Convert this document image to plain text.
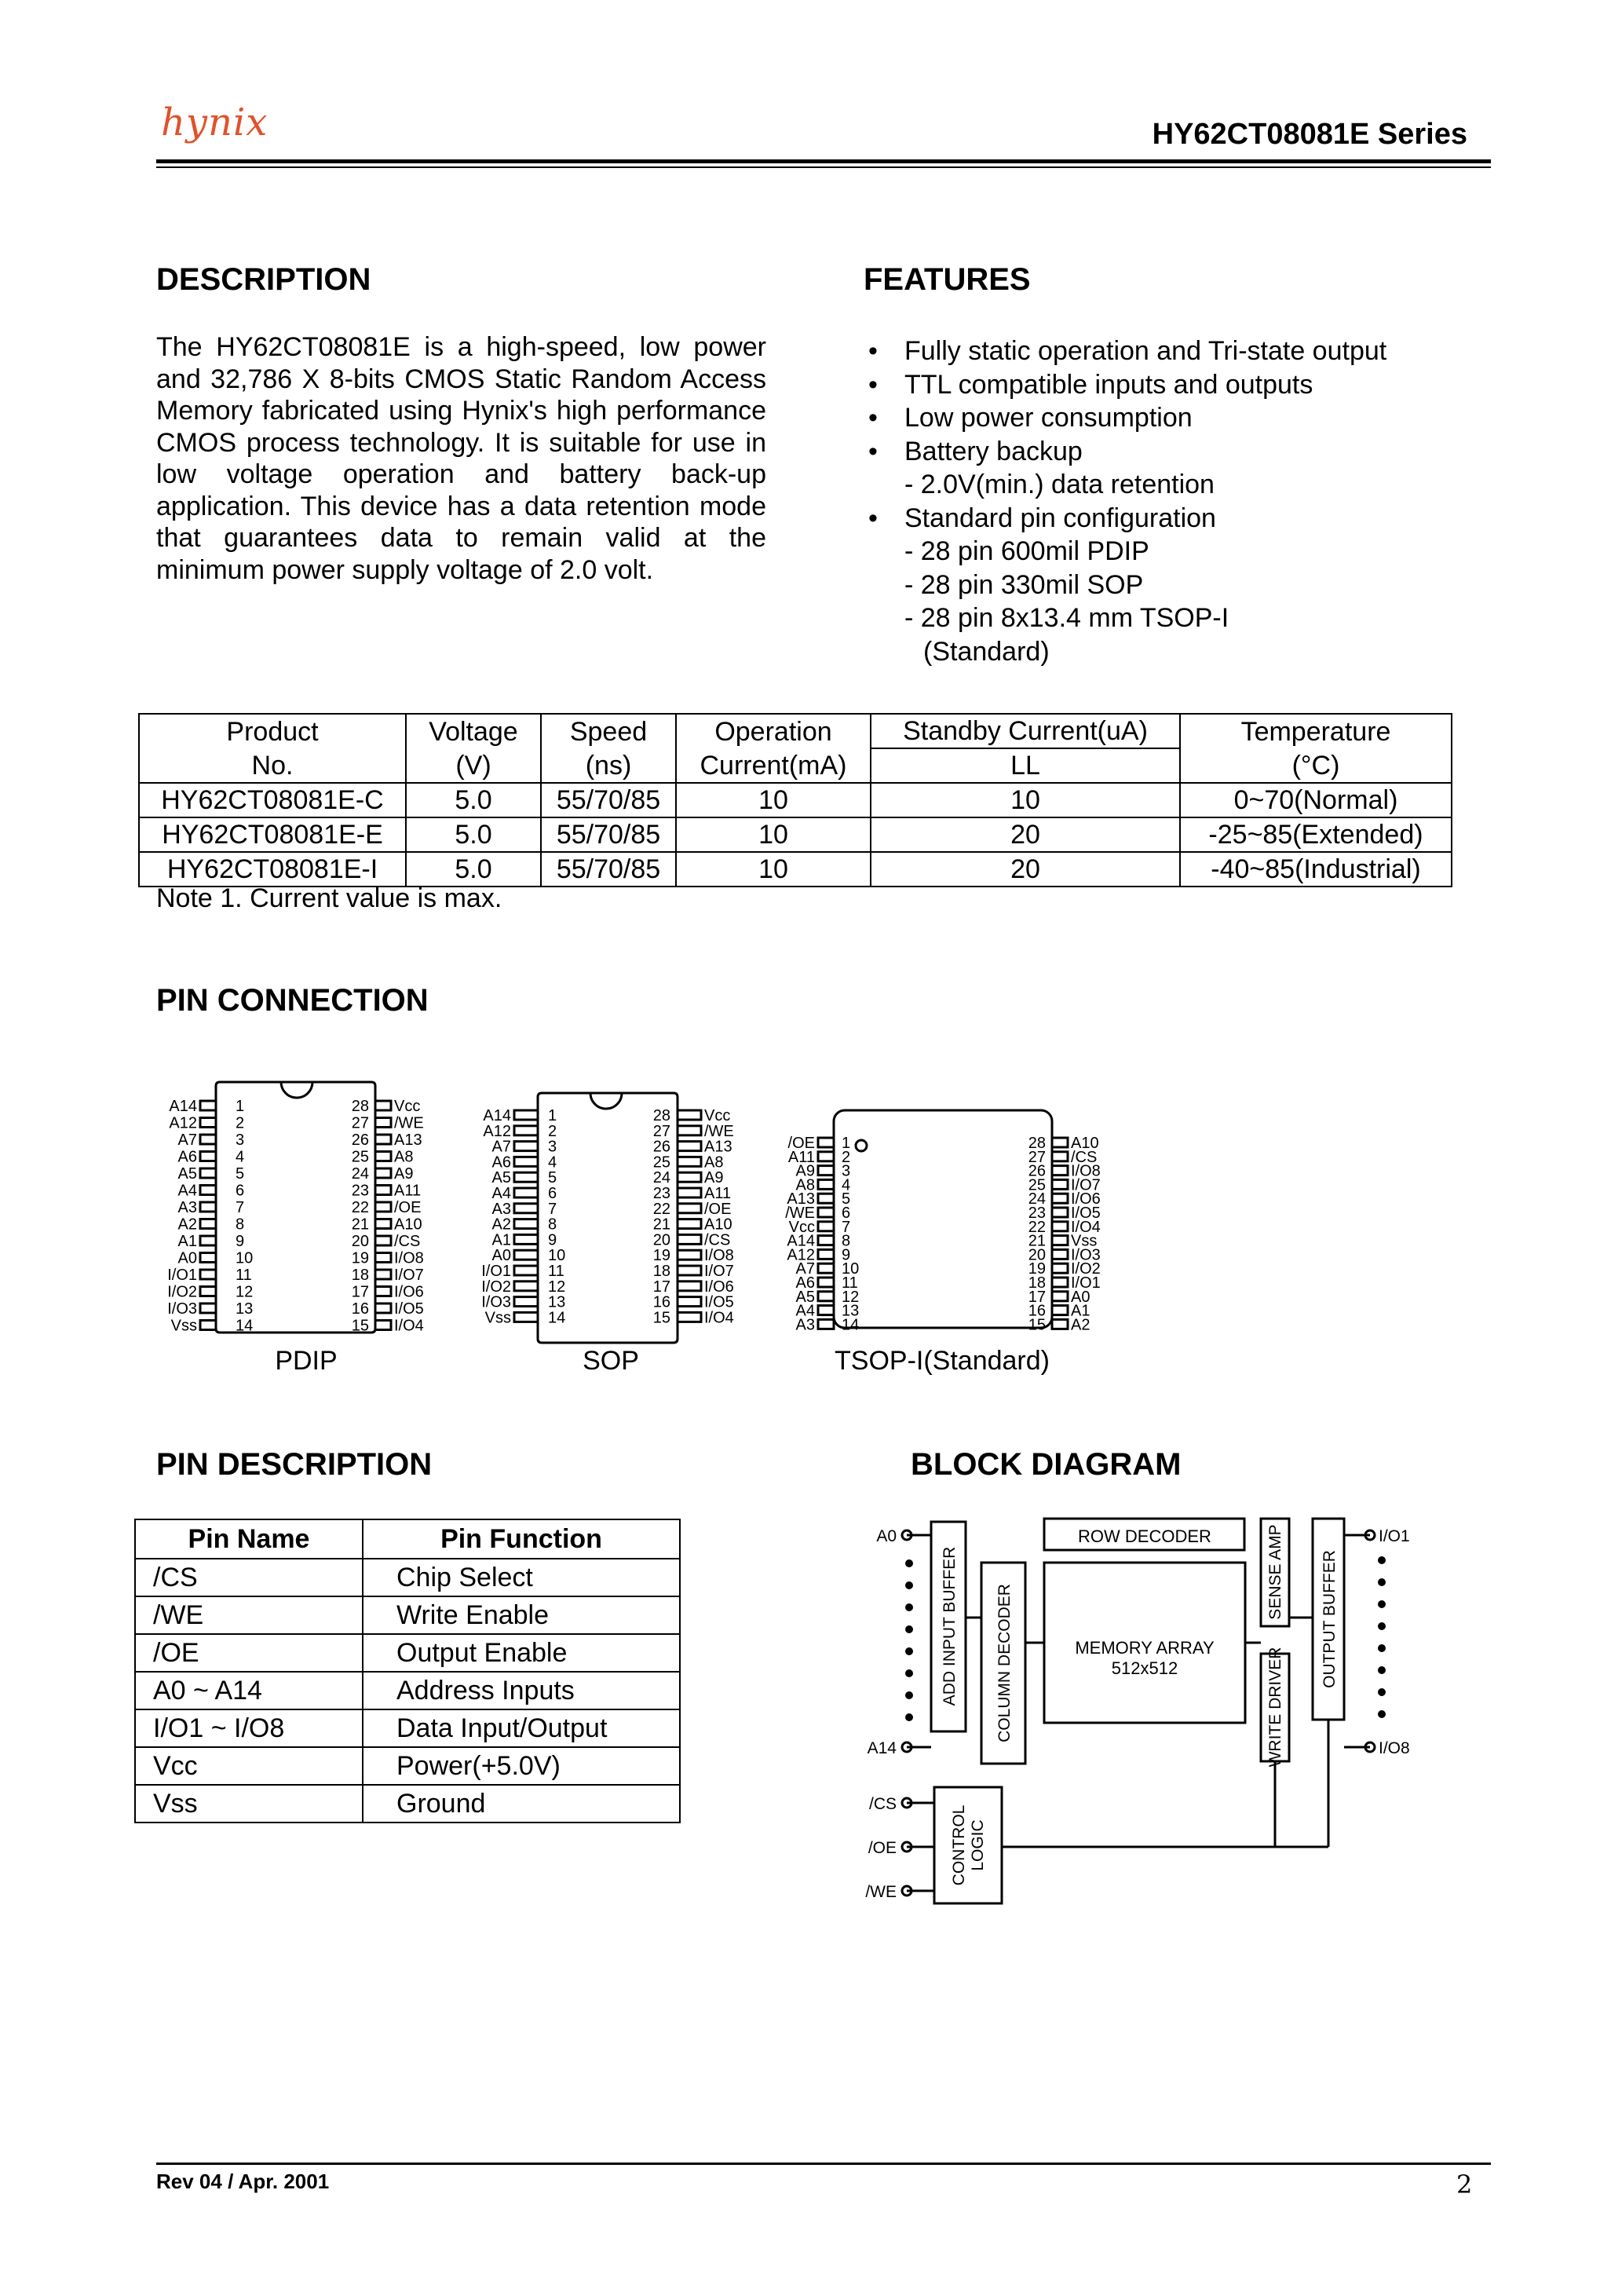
hynix	HY62CT08081E Series
DESCRIPTION
The HY62CT08081E is a high-speed, low power and 32,786 X 8-bits CMOS Static Random Access Memory fabricated using Hynix's high performance CMOS process technology. It is suitable for use in low voltage operation and battery back-up application. This device has a data retention mode that guarantees data to remain valid at the minimum power supply voltage of 2.0 volt.
FEATURES
• Fully static operation and Tri-state output
• TTL compatible inputs and outputs
• Low power consumption
• Battery backup
- 2.0V(min.) data retention
• Standard pin configuration
- 28 pin 600mil PDIP
- 28 pin 330mil SOP
- 28 pin 8x13.4 mm TSOP-I
(Standard)
Product	Voltage	Speed	Operation	Standby Current(uA)	Temperature
No.	(V)	(ns)	Current(mA)	LL	(°C)
HY62CT08081E-C	5.0	55/70/85	10	10	0~70(Normal)
HY62CT08081E-E	5.0	55/70/85	10	20	-25~85(Extended)
HY62CT08081E-I	5.0	55/70/85	10	20	-40~85(Industrial)
Note 1. Current value is max.
PIN CONNECTION
A14	Vcc
1	28
A12	/WE
2	27
A7	A13
3	26
A6	A8
4	25
A5	A9
5	24
A4	A11
6	23
A3	/OE
7	22
A2	A10
8	21
A1	/CS
9	20
A0	I/O8
10	19
I/O1	I/O7
11	18
I/O2	I/O6
12	17
I/O3	I/O5
13	16
Vss	I/O4
14	15
A14	Vcc
1	28
A12	/WE
2	27
A7	A13
3	26
A6	A8
4	25
A5	A9
5	24
A4	A11
6	23
A3	/OE
7	22
A2	A10
8	21
A1	/CS
9	20
A0	I/O8
10	19
I/O1	I/O7
11	18
I/O2	I/O6
12	17
I/O3	I/O5
13	16
Vss	I/O4
14	15
/OE	A10
1	28
A11	/CS
2	27
A9	I/O8
3	26
A8	I/O7
4	25
A13	I/O6
5	24
/WE	I/O5
6	23
Vcc	I/O4
7	22
A14	Vss
8	21
A12	I/O3
9	20
A7	I/O2
10	19
A6	I/O1
11	18
A5	A0
12	17
A4	A1
13	16
A3	A2
14	15
PDIP	SOP	TSOP-I(Standard)
PIN DESCRIPTION
Pin Name	Pin Function
/CS	Chip Select
/WE	Write Enable
/OE	Output Enable
A0 ~ A14	Address Inputs
I/O1 ~ I/O8	Data Input/Output
Vcc	Power(+5.0V)
Vss	Ground
BLOCK DIAGRAM
ROW DECODER
MEMORY ARRAY
512x512
ADD INPUT BUFFER COLUMN DECODER
SENSE AMP
WRITE DRIVER
OUTPUT BUFFER
CONTROL LOGIC
A0
A14
I/O1
I/O8
/CS
/OE
/WE
Rev 04 / Apr. 2001	2
